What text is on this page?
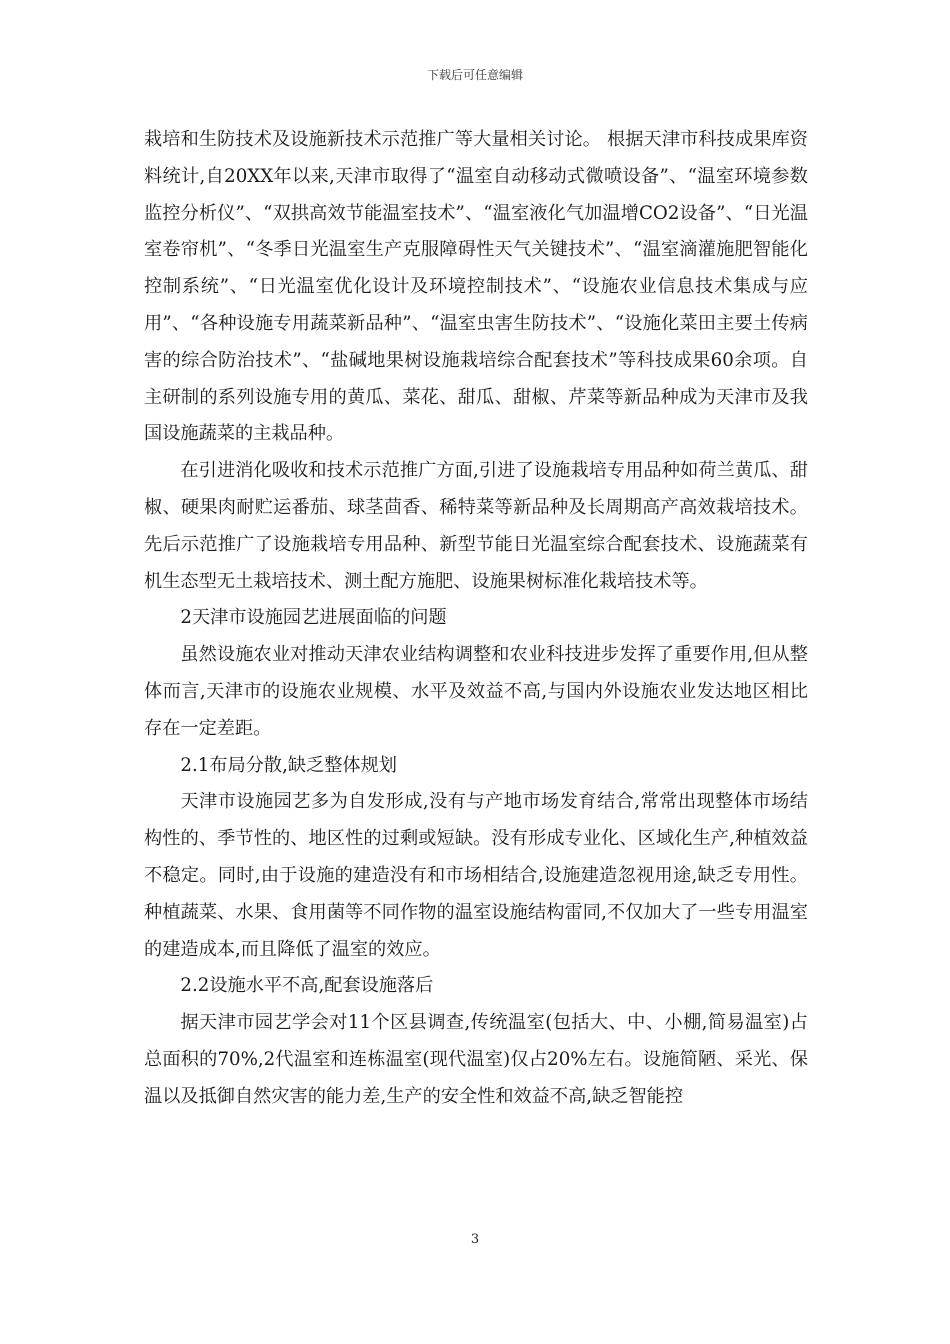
下载后可任意编辑

栽培和生防技术及设施新技术示范推广等大量相关讨论。 根据天津市科技成果库资料统计,自20XX年以来,天津市取得了“温室自动移动式微喷设备”、“温室环境参数监控分析仪”、“双拱高效节能温室技术”、“温室液化气加温增CO2设备”、“日光温室卷帘机”、“冬季日光温室生产克服障碍性天气关键技术”、“温室滴灌施肥智能化控制系统”、“日光温室优化设计及环境控制技术”、“设施农业信息技术集成与应用”、“各种设施专用蔬菜新品种”、“温室虫害生防技术”、“设施化菜田主要土传病害的综合防治技术”、“盐碱地果树设施栽培综合配套技术”等科技成果60余项。自主研制的系列设施专用的黄瓜、菜花、甜瓜、甜椒、芹菜等新品种成为天津市及我国设施蔬菜的主栽品种。

在引进消化吸收和技术示范推广方面,引进了设施栽培专用品种如荷兰黄瓜、甜椒、硬果肉耐贮运番茄、球茎茴香、稀特菜等新品种及长周期高产高效栽培技术。先后示范推广了设施栽培专用品种、新型节能日光温室综合配套技术、设施蔬菜有机生态型无土栽培技术、测土配方施肥、设施果树标准化栽培技术等。

2天津市设施园艺进展面临的问题

虽然设施农业对推动天津农业结构调整和农业科技进步发挥了重要作用,但从整体而言,天津市的设施农业规模、水平及效益不高,与国内外设施农业发达地区相比存在一定差距。

2.1布局分散,缺乏整体规划

天津市设施园艺多为自发形成,没有与产地市场发育结合,常常出现整体市场结构性的、季节性的、地区性的过剩或短缺。没有形成专业化、区域化生产,种植效益不稳定。同时,由于设施的建造没有和市场相结合,设施建造忽视用途,缺乏专用性。种植蔬菜、水果、食用菌等不同作物的温室设施结构雷同,不仅加大了一些专用温室的建造成本,而且降低了温室的效应。

2.2设施水平不高,配套设施落后

据天津市园艺学会对11个区县调查,传统温室(包括大、中、小棚,简易温室)占总面积的70%,2代温室和连栋温室(现代温室)仅占20%左右。设施简陋、采光、保温以及抵御自然灾害的能力差,生产的安全性和效益不高,缺乏智能控

3
